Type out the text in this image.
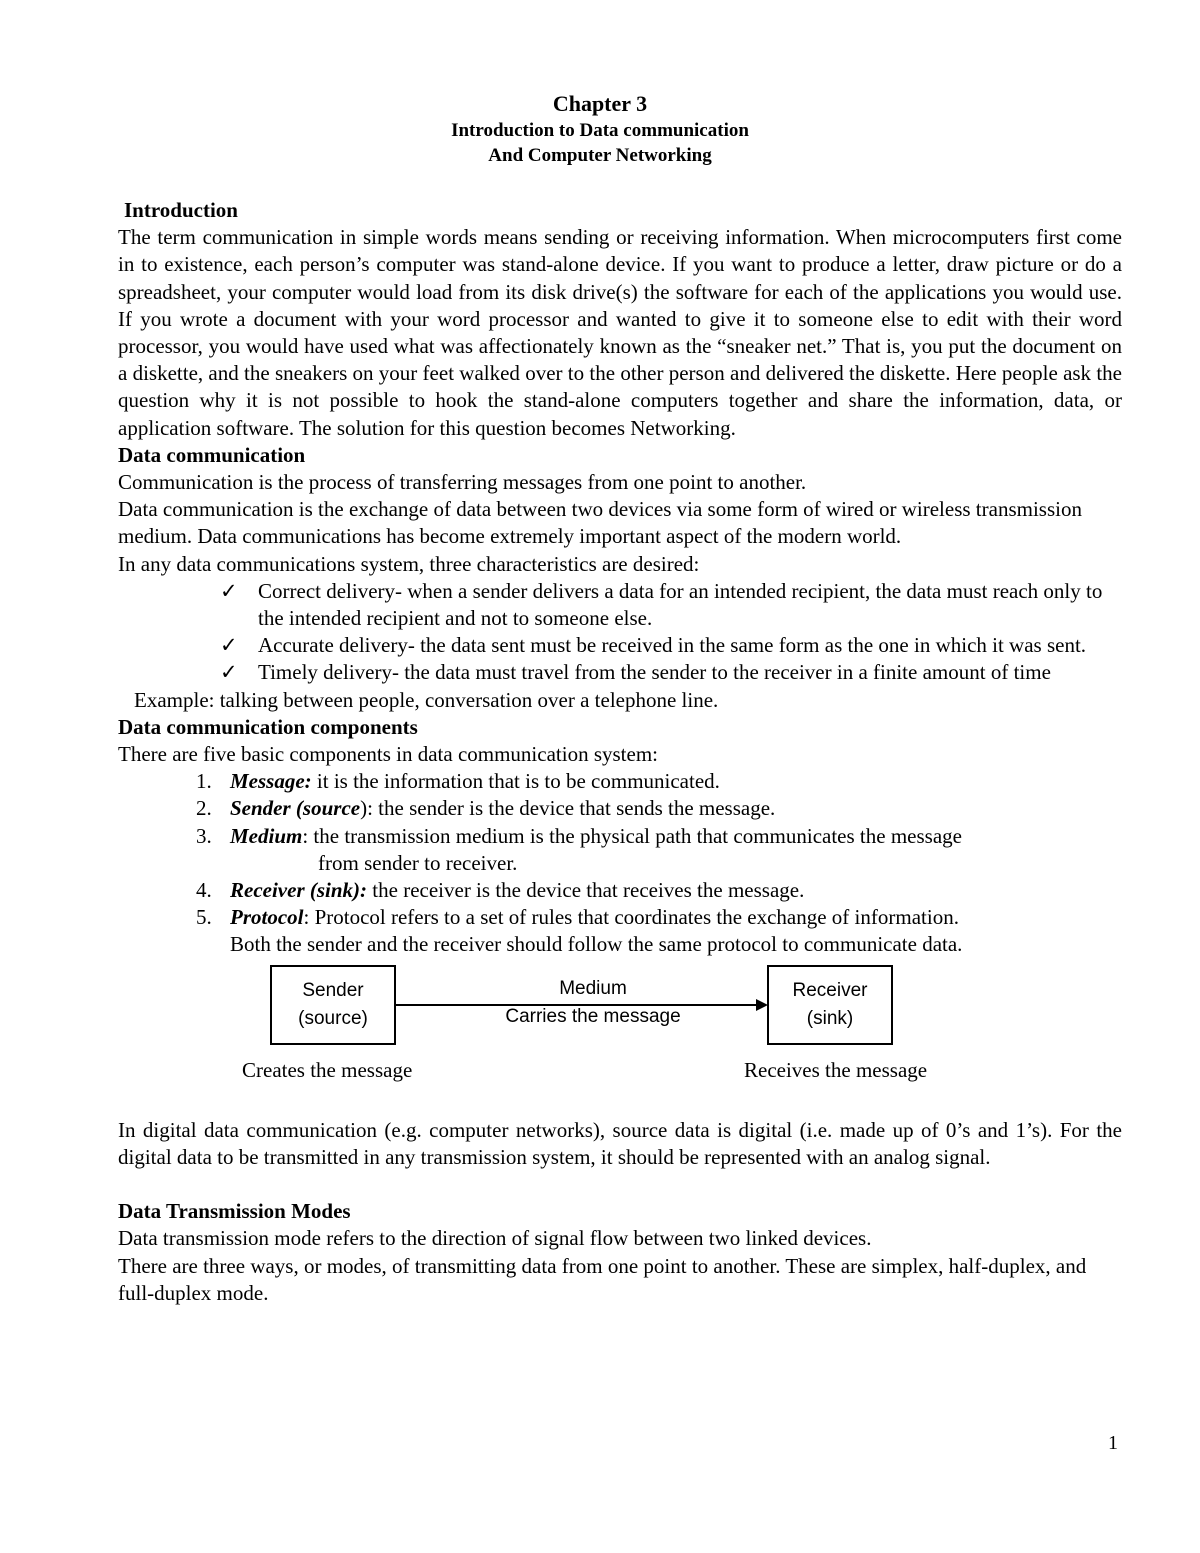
Chapter 3
Introduction to Data communication
And Computer Networking
Introduction

The term communication in simple words means sending or receiving information. When microcomputers first come in to existence, each person’s computer was stand-alone device. If you want to produce a letter, draw picture or do a spreadsheet, your computer would load from its disk drive(s) the software for each of the applications you would use. If you wrote a document with your word processor and wanted to give it to someone else to edit with their word processor, you would have used what was affectionately known as the “sneaker net.” That is, you put the document on a diskette, and the sneakers on your feet walked over to the other person and delivered the diskette. Here people ask the question why it is not possible to hook the stand-alone computers together and share the information, data, or application software. The solution for this question becomes Networking.

Data communication

Communication is the process of transferring messages from one point to another.

Data communication is the exchange of data between two devices via some form of wired or wireless transmission medium. Data communications has become extremely important aspect of the modern world.

In any data communications system, three characteristics are desired:

✓ Correct delivery- when a sender delivers a data for an intended recipient, the data must reach only to the intended recipient and not to someone else.
✓ Accurate delivery- the data sent must be received in the same form as the one in which it was sent.
✓ Timely delivery- the data must travel from the sender to the receiver in a finite amount of time

Example: talking between people, conversation over a telephone line.

Data communication components

There are five basic components in data communication system:

1. Message: it is the information that is to be communicated.
2. Sender (source): the sender is the device that sends the message.
3. Medium: the transmission medium is the physical path that communicates the message
from sender to receiver.
4. Receiver (sink): the receiver is the device that receives the message.
5. Protocol: Protocol refers to a set of rules that coordinates the exchange of information.
Both the sender and the receiver should follow the same protocol to communicate data.
Sender
(source)
Medium
Carries the message
Receiver
(sink)
Creates the message	Receives the message

In digital data communication (e.g. computer networks), source data is digital (i.e. made up of 0’s and 1’s). For the digital data to be transmitted in any transmission system, it should be represented with an analog signal.

Data Transmission Modes

Data transmission mode refers to the direction of signal flow between two linked devices.

There are three ways, or modes, of transmitting data from one point to another. These are simplex, half-duplex, and full-duplex mode.

1
